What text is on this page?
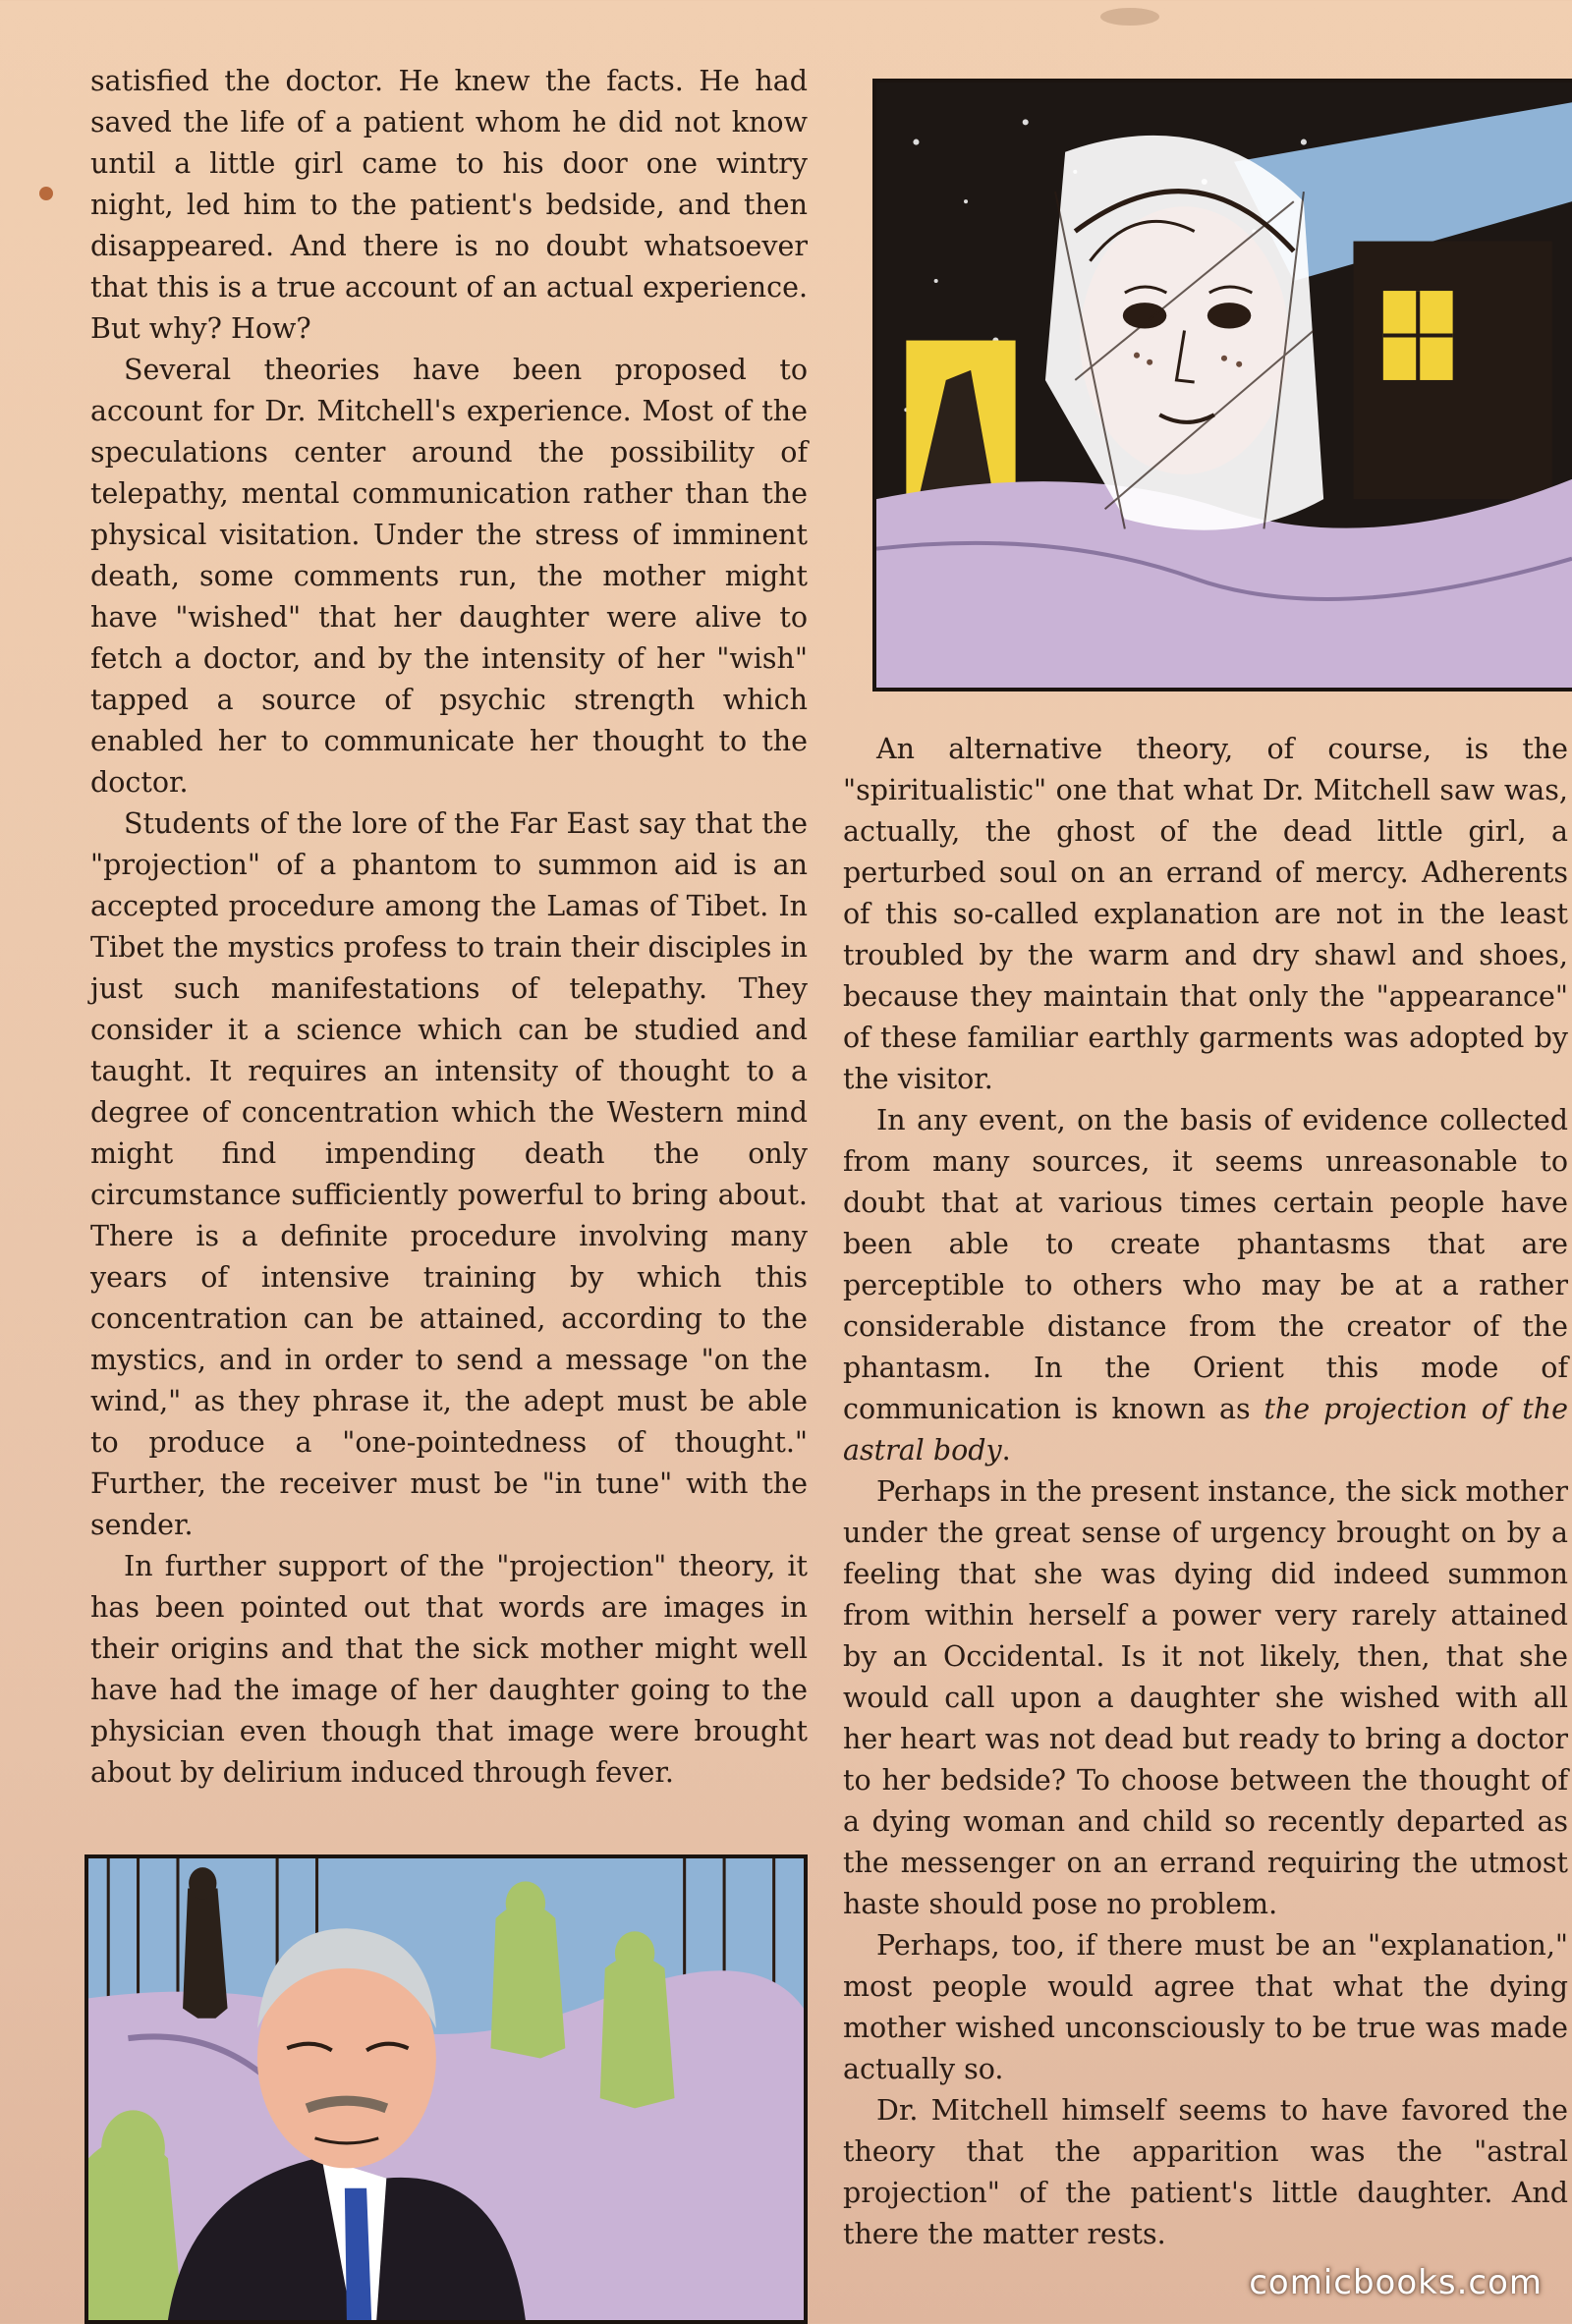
satisfied the doctor. He knew the facts. He had saved the life of a patient whom he did not know until a little girl came to his door one wintry night, led him to the patient's bedside, and then disappeared. And there is no doubt whatsoever that this is a true account of an actual experience. But why? How?

Several theories have been proposed to account for Dr. Mitchell's experience. Most of the speculations center around the possibility of telepathy, mental communication rather than the physical visitation. Under the stress of imminent death, some comments run, the mother might have "wished" that her daughter were alive to fetch a doctor, and by the intensity of her "wish" tapped a source of psychic strength which enabled her to communicate her thought to the doctor.

Students of the lore of the Far East say that the "projection" of a phantom to summon aid is an accepted procedure among the Lamas of Tibet. In Tibet the mystics profess to train their disciples in just such manifestations of telepathy. They consider it a science which can be studied and taught. It requires an intensity of thought to a degree of concentration which the Western mind might find impending death the only circumstance sufficiently powerful to bring about. There is a definite procedure involving many years of intensive training by which this concentration can be attained, according to the mystics, and in order to send a message "on the wind," as they phrase it, the adept must be able to produce a "one-pointedness of thought." Further, the receiver must be "in tune" with the sender.

In further support of the "projection" theory, it has been pointed out that words are images in their origins and that the sick mother might well have had the image of her daughter going to the physician even though that image were brought about by delirium induced through fever.

An alternative theory, of course, is the "spiritualistic" one that what Dr. Mitchell saw was, actually, the ghost of the dead little girl, a perturbed soul on an errand of mercy. Adherents of this so-called explanation are not in the least troubled by the warm and dry shawl and shoes, because they maintain that only the "appearance" of these familiar earthly garments was adopted by the visitor.

In any event, on the basis of evidence collected from many sources, it seems unreasonable to doubt that at various times certain people have been able to create phantasms that are perceptible to others who may be at a rather considerable distance from the creator of the phantasm. In the Orient this mode of communication is known as the projection of the astral body.

Perhaps in the present instance, the sick mother under the great sense of urgency brought on by a feeling that she was dying did indeed summon from within herself a power very rarely attained by an Occidental. Is it not likely, then, that she would call upon a daughter she wished with all her heart was not dead but ready to bring a doctor to her bedside? To choose between the thought of a dying woman and child so recently departed as the messenger on an errand requiring the utmost haste should pose no problem.

Perhaps, too, if there must be an "explanation," most people would agree that what the dying mother wished unconsciously to be true was made actually so.

Dr. Mitchell himself seems to have favored the theory that the apparition was the "astral projection" of the patient's little daughter. And there the matter rests.

comicbooks.com
